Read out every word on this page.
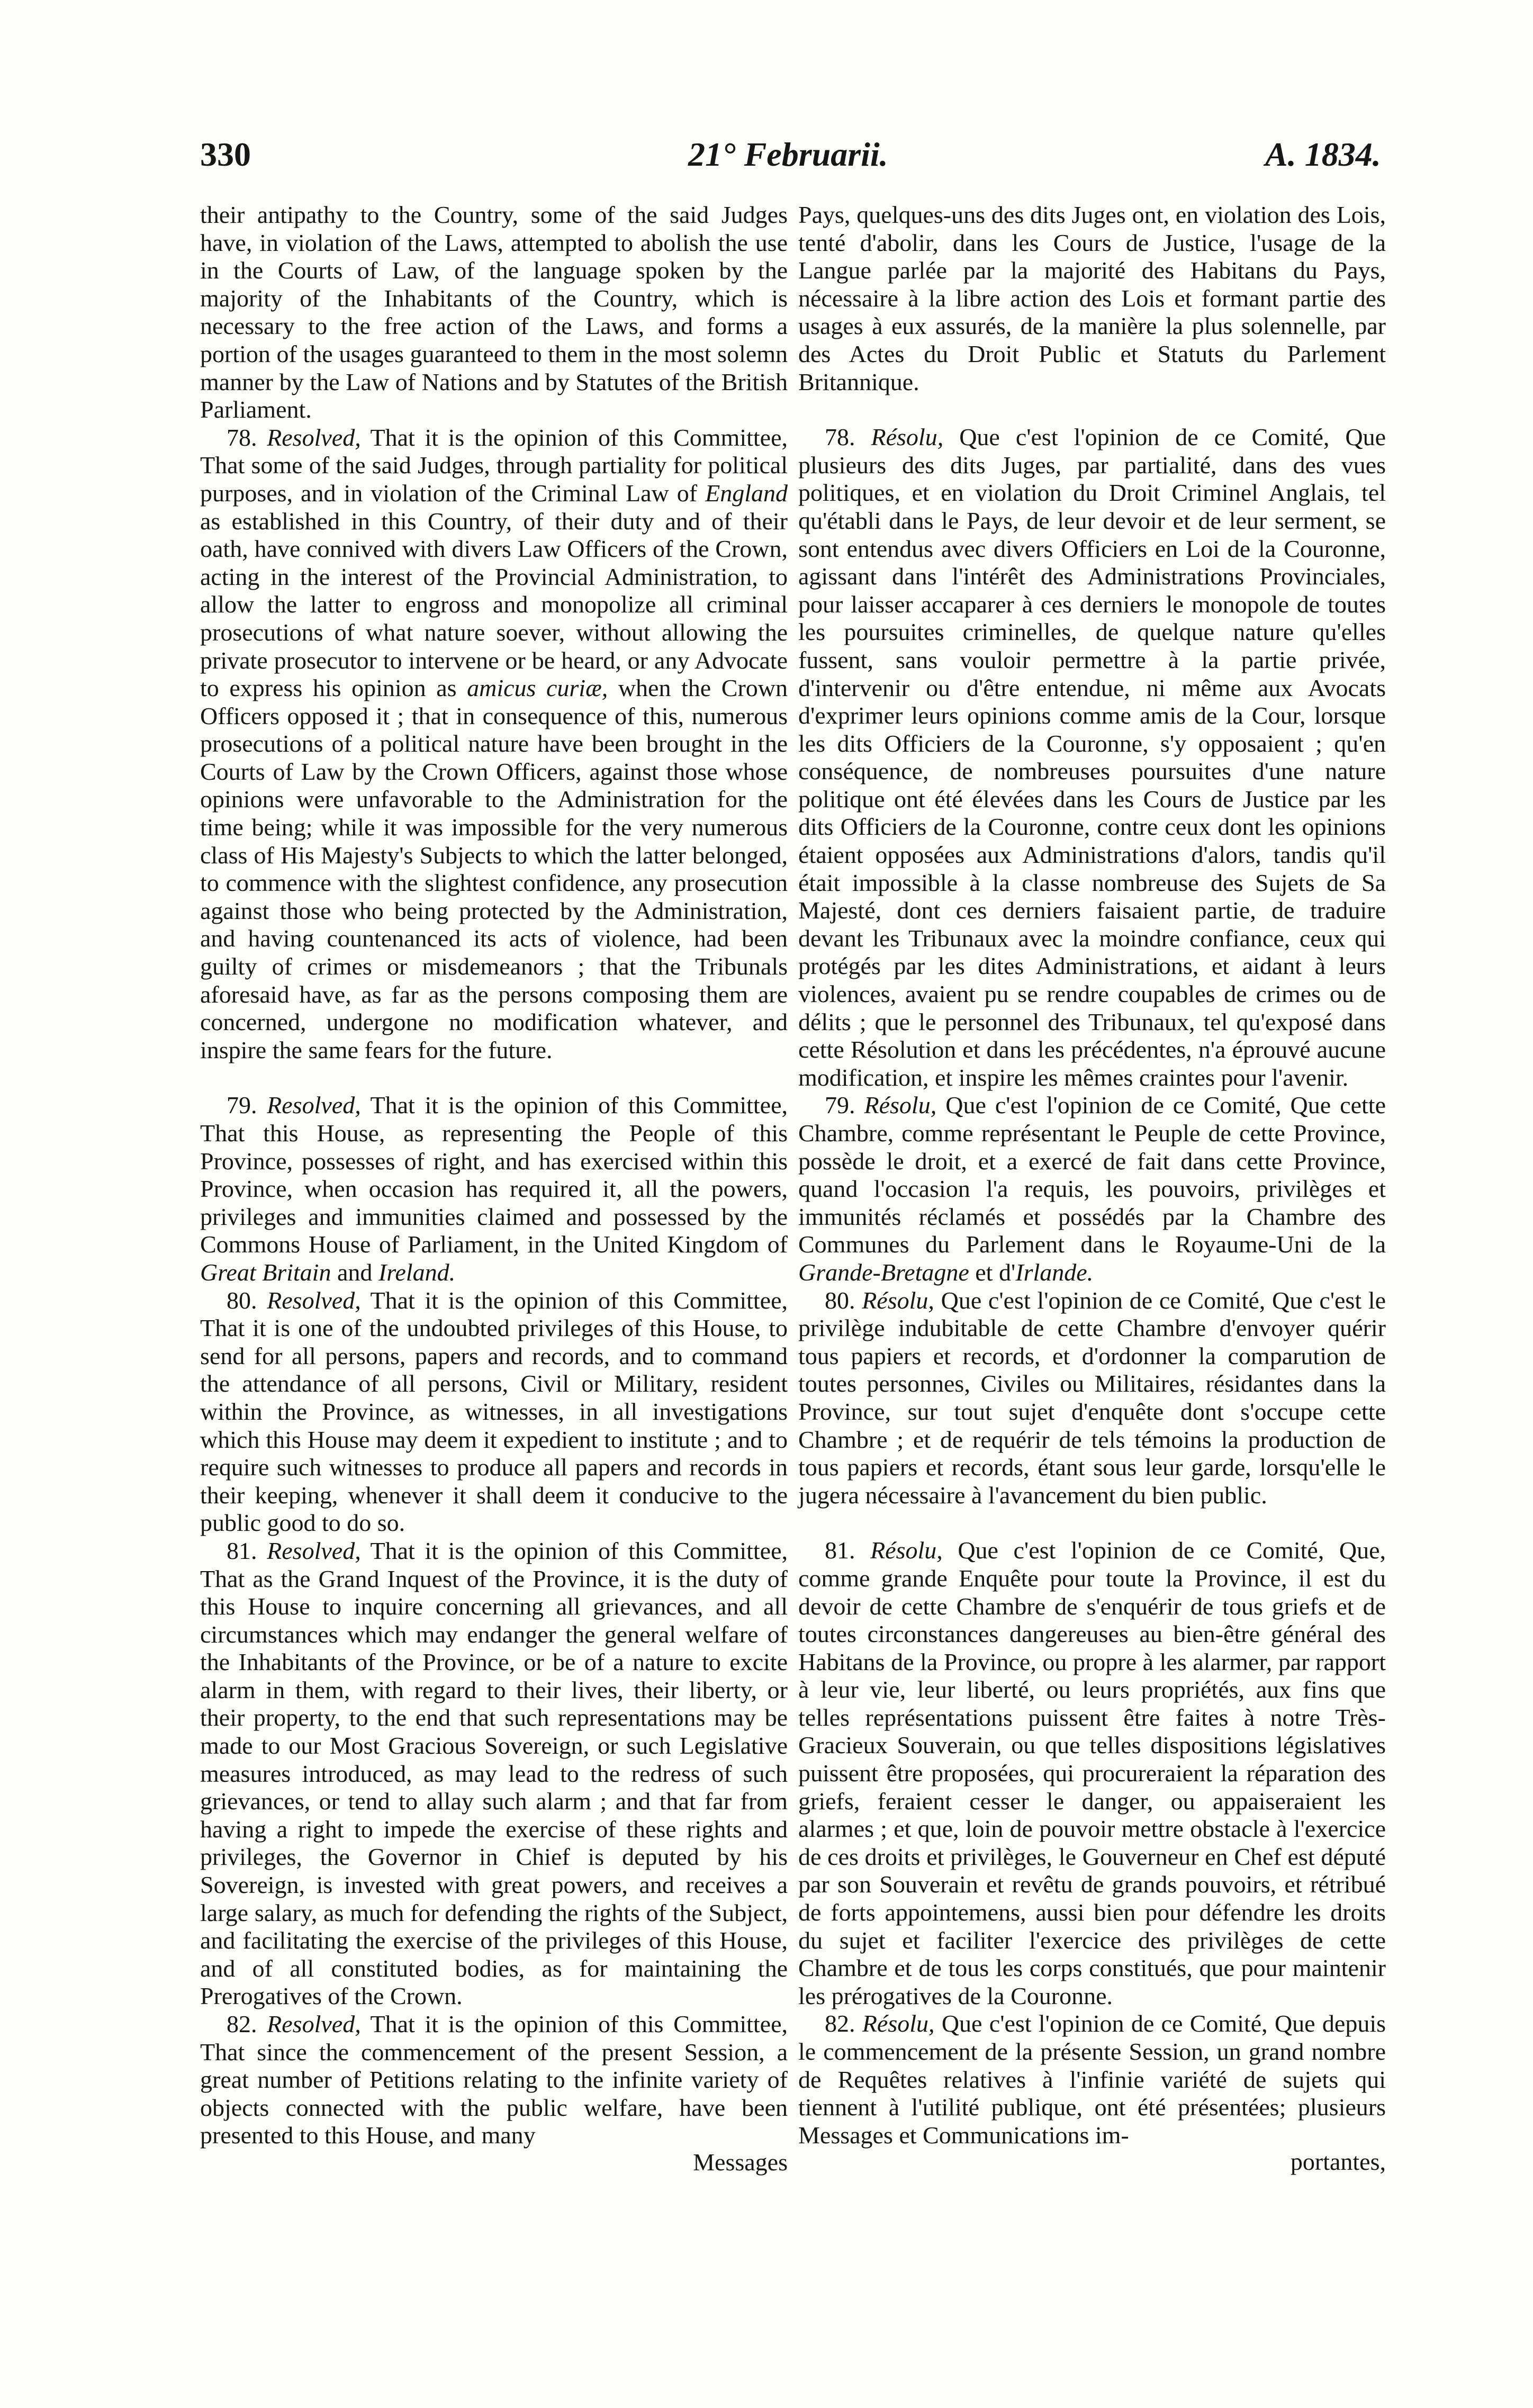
330	21° Februarii.	A. 1834.

their antipathy to the Country, some of the said Judges have, in violation of the Laws, attempted to abolish the use in the Courts of Law, of the language spoken by the majority of the Inhabitants of the Country, which is necessary to the free action of the Laws, and forms a portion of the usages guaranteed to them in the most solemn manner by the Law of Nations and by Statutes of the British Parliament.

78. Resolved, That it is the opinion of this Committee, That some of the said Judges, through partiality for political purposes, and in violation of the Criminal Law of England as established in this Country, of their duty and of their oath, have connived with divers Law Officers of the Crown, acting in the interest of the Provincial Administration, to allow the latter to engross and monopolize all criminal prosecutions of what nature soever, without allowing the private prosecutor to intervene or be heard, or any Advocate to express his opinion as amicus curiæ, when the Crown Officers opposed it ; that in consequence of this, numerous prosecutions of a political nature have been brought in the Courts of Law by the Crown Officers, against those whose opinions were unfavorable to the Administration for the time being; while it was impossible for the very numerous class of His Majesty's Subjects to which the latter belonged, to commence with the slightest confidence, any prosecution against those who being protected by the Administration, and having countenanced its acts of violence, had been guilty of crimes or misdemeanors ; that the Tribunals aforesaid have, as far as the persons composing them are concerned, undergone no modification whatever, and inspire the same fears for the future.

79. Resolved, That it is the opinion of this Committee, That this House, as representing the People of this Province, possesses of right, and has exercised within this Province, when occasion has required it, all the powers, privileges and immunities claimed and possessed by the Commons House of Parliament, in the United Kingdom of Great Britain and Ireland.

80. Resolved, That it is the opinion of this Committee, That it is one of the undoubted privileges of this House, to send for all persons, papers and records, and to command the attendance of all persons, Civil or Military, resident within the Province, as witnesses, in all investigations which this House may deem it expedient to institute ; and to require such witnesses to produce all papers and records in their keeping, whenever it shall deem it conducive to the public good to do so.

81. Resolved, That it is the opinion of this Committee, That as the Grand Inquest of the Province, it is the duty of this House to inquire concerning all grievances, and all circumstances which may endanger the general welfare of the Inhabitants of the Province, or be of a nature to excite alarm in them, with regard to their lives, their liberty, or their property, to the end that such representations may be made to our Most Gracious Sovereign, or such Legislative measures introduced, as may lead to the redress of such grievances, or tend to allay such alarm ; and that far from having a right to impede the exercise of these rights and privileges, the Governor in Chief is deputed by his Sovereign, is invested with great powers, and receives a large salary, as much for defending the rights of the Subject, and facilitating the exercise of the privileges of this House, and of all constituted bodies, as for maintaining the Prerogatives of the Crown.

82. Resolved, That it is the opinion of this Committee, That since the commencement of the present Session, a great number of Petitions relating to the infinite variety of objects connected with the public welfare, have been presented to this House, and many

Messages

Pays, quelques-uns des dits Juges ont, en violation des Lois, tenté d'abolir, dans les Cours de Justice, l'usage de la Langue parlée par la majorité des Habitans du Pays, nécessaire à la libre action des Lois et formant partie des usages à eux assurés, de la manière la plus solennelle, par des Actes du Droit Public et Statuts du Parlement Britannique.

78. Résolu, Que c'est l'opinion de ce Comité, Que plusieurs des dits Juges, par partialité, dans des vues politiques, et en violation du Droit Criminel Anglais, tel qu'établi dans le Pays, de leur devoir et de leur serment, se sont entendus avec divers Officiers en Loi de la Couronne, agissant dans l'intérêt des Administrations Provinciales, pour laisser accaparer à ces derniers le monopole de toutes les poursuites criminelles, de quelque nature qu'elles fussent, sans vouloir permettre à la partie privée, d'intervenir ou d'être entendue, ni même aux Avocats d'exprimer leurs opinions comme amis de la Cour, lorsque les dits Officiers de la Couronne, s'y opposaient ; qu'en conséquence, de nombreuses poursuites d'une nature politique ont été élevées dans les Cours de Justice par les dits Officiers de la Couronne, contre ceux dont les opinions étaient opposées aux Administrations d'alors, tandis qu'il était impossible à la classe nombreuse des Sujets de Sa Majesté, dont ces derniers faisaient partie, de traduire devant les Tribunaux avec la moindre confiance, ceux qui protégés par les dites Administrations, et aidant à leurs violences, avaient pu se rendre coupables de crimes ou de délits ; que le personnel des Tribunaux, tel qu'exposé dans cette Résolution et dans les précédentes, n'a éprouvé aucune modification, et inspire les mêmes craintes pour l'avenir.

79. Résolu, Que c'est l'opinion de ce Comité, Que cette Chambre, comme représentant le Peuple de cette Province, possède le droit, et a exercé de fait dans cette Province, quand l'occasion l'a requis, les pouvoirs, privilèges et immunités réclamés et possédés par la Chambre des Communes du Parlement dans le Royaume-Uni de la Grande-Bretagne et d'Irlande.

80. Résolu, Que c'est l'opinion de ce Comité, Que c'est le privilège indubitable de cette Chambre d'envoyer quérir tous papiers et records, et d'ordonner la comparution de toutes personnes, Civiles ou Militaires, résidantes dans la Province, sur tout sujet d'enquête dont s'occupe cette Chambre ; et de requérir de tels témoins la production de tous papiers et records, étant sous leur garde, lorsqu'elle le jugera nécessaire à l'avancement du bien public.

81. Résolu, Que c'est l'opinion de ce Comité, Que, comme grande Enquête pour toute la Province, il est du devoir de cette Chambre de s'enquérir de tous griefs et de toutes circonstances dangereuses au bien-être général des Habitans de la Province, ou propre à les alarmer, par rapport à leur vie, leur liberté, ou leurs propriétés, aux fins que telles représentations puissent être faites à notre Très-Gracieux Souverain, ou que telles dispositions législatives puissent être proposées, qui procureraient la réparation des griefs, feraient cesser le danger, ou appaiseraient les alarmes ; et que, loin de pouvoir mettre obstacle à l'exercice de ces droits et privilèges, le Gouverneur en Chef est député par son Souverain et revêtu de grands pouvoirs, et rétribué de forts appointemens, aussi bien pour défendre les droits du sujet et faciliter l'exercice des privilèges de cette Chambre et de tous les corps constitués, que pour maintenir les prérogatives de la Couronne.

82. Résolu, Que c'est l'opinion de ce Comité, Que depuis le commencement de la présente Session, un grand nombre de Requêtes relatives à l'infinie variété de sujets qui tiennent à l'utilité publique, ont été présentées; plusieurs Messages et Communications im-

portantes,
